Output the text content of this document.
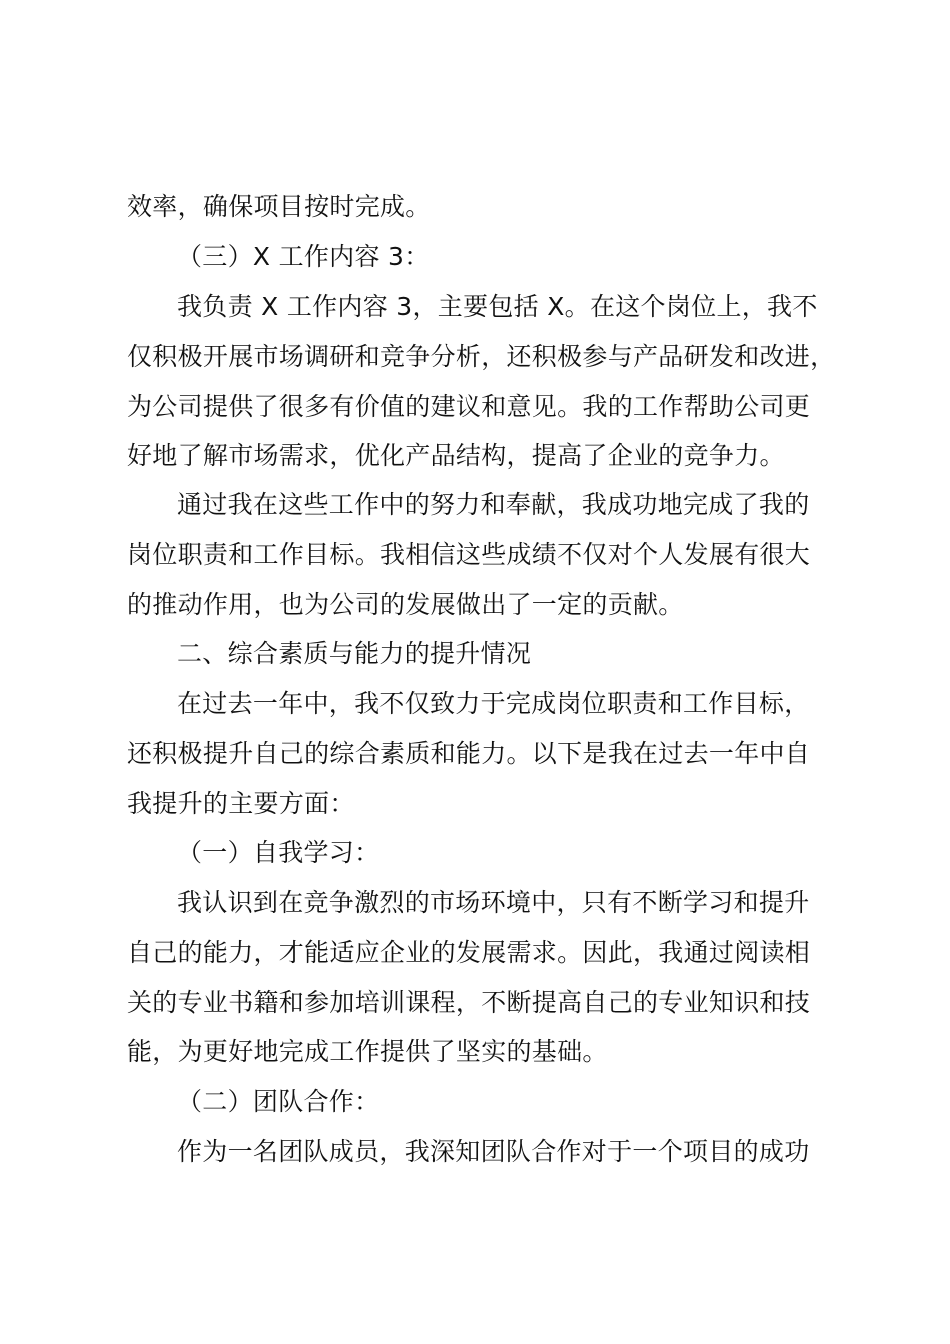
效率，确保项目按时完成。
（三）X 工作内容 3：
我负责 X 工作内容 3，主要包括 X。在这个岗位上，我不
仅积极开展市场调研和竞争分析，还积极参与产品研发和改进，
为公司提供了很多有价值的建议和意见。我的工作帮助公司更
好地了解市场需求，优化产品结构，提高了企业的竞争力。
通过我在这些工作中的努力和奉献，我成功地完成了我的
岗位职责和工作目标。我相信这些成绩不仅对个人发展有很大
的推动作用，也为公司的发展做出了一定的贡献。
二、综合素质与能力的提升情况
在过去一年中，我不仅致力于完成岗位职责和工作目标，
还积极提升自己的综合素质和能力。以下是我在过去一年中自
我提升的主要方面：
（一）自我学习：
我认识到在竞争激烈的市场环境中，只有不断学习和提升
自己的能力，才能适应企业的发展需求。因此，我通过阅读相
关的专业书籍和参加培训课程，不断提高自己的专业知识和技
能，为更好地完成工作提供了坚实的基础。
（二）团队合作：
作为一名团队成员，我深知团队合作对于一个项目的成功
